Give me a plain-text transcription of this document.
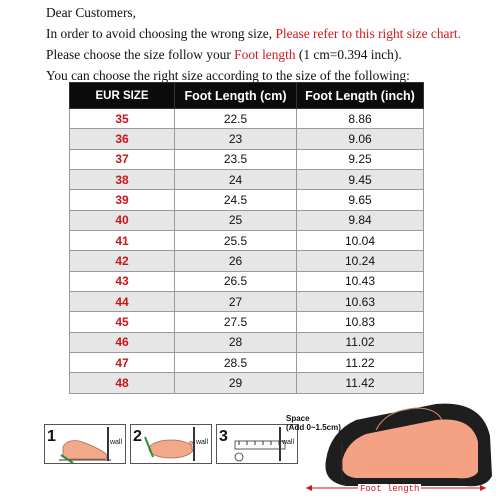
Dear Customers,

In order to avoid choosing the wrong size, Please refer to this right size chart.

Please choose the size follow your Foot length (1 cm=0.394 inch).

You can choose the right size according to the size of the following:

EUR SIZE	Foot Length (cm)	Foot Length (inch)
35	22.5	8.86
36	23	9.06
37	23.5	9.25
38	24	9.45
39	24.5	9.65
40	25	9.84
41	25.5	10.04
42	26	10.24
43	26.5	10.43
44	27	10.63
45	27.5	10.83
46	28	11.02
47	28.5	11.22
48	29	11.42
1	wall 2	wall 3	wall
Space
(Add 0~1.5cm)
Foot length
